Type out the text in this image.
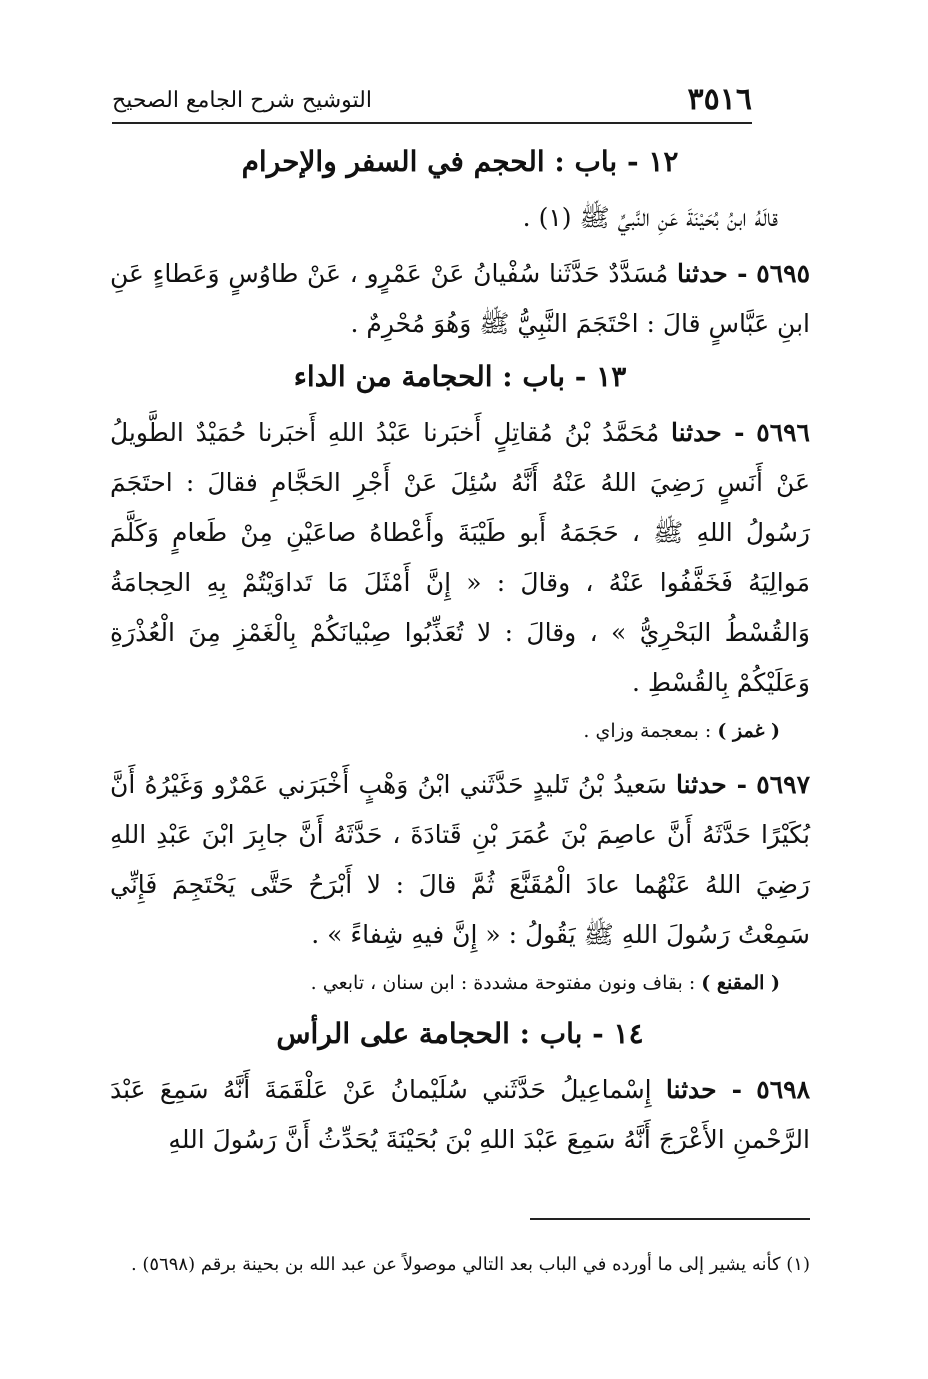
٣٥١٦
التوشيح شرح الجامع الصحيح
١٢ - باب : الحجم في السفر والإحرام

قالَهُ ابنُ بُحَيْنَةَ عَنِ النَّبيِّ ﷺ (١) .

٥٦٩٥ - حدثنا مُسَدَّدٌ حَدَّثَنا سُفْيانُ عَنْ عَمْرٍو ، عَنْ طاوُسٍ وَعَطاءٍ عَنِ ابنِ عَبَّاسٍ قالَ : احْتَجَمَ النَّبِيُّ ﷺ وَهُوَ مُحْرِمٌ .

١٣ - باب : الحجامة من الداء

٥٦٩٦ - حدثنا مُحَمَّدُ بْنُ مُقاتِلٍ أَخبَرنا عَبْدُ اللهِ أَخبَرنا حُمَيْدٌ الطَّويلُ عَنْ أَنَسٍ رَضِيَ اللهُ عَنْهُ أَنَّهُ سُئِلَ عَنْ أَجْرِ الحَجَّامِ فقالَ : احتَجَمَ رَسُولُ اللهِ ﷺ ، حَجَمَهُ أَبو طَيْبَةَ وأَعْطاهُ صاعَيْنِ مِنْ طَعامٍ وَكَلَّمَ مَوالِيَهُ فَخَفَّفُوا عَنْهُ ، وقالَ : « إِنَّ أَمْثَلَ مَا تَداوَيْتُمْ بِهِ الحِجامَةُ وَالقُسْطُ البَحْرِيُّ » ، وقالَ : لا تُعَذِّبُوا صِبْيانَكُمْ بِالْغَمْزِ مِنَ الْعُذْرَةِ وَعَلَيْكُمْ بِالقُسْطِ .

( غمز ) : بمعجمة وزاي .

٥٦٩٧ - حدثنا سَعيدُ بْنُ تَليدٍ حَدَّثَني ابْنُ وَهْبٍ أَخْبَرَني عَمْرٌو وَغَيْرُهُ أَنَّ بُكَيْرًا حَدَّثَهُ أَنَّ عاصِمَ بْنَ عُمَرَ بْنِ قَتادَةَ ، حَدَّثَهُ أَنَّ جابِرَ ابْنَ عَبْدِ اللهِ رَضِيَ اللهُ عَنْهُما عادَ الْمُقَنَّعَ ثُمَّ قالَ : لا أَبْرَحُ حَتَّى يَحْتَجِمَ فَإِنِّي سَمِعْتُ رَسُولَ اللهِ ﷺ يَقُولُ : « إِنَّ فيهِ شِفاءً » .

( المقنع ) : بقاف ونون مفتوحة مشددة : ابن سنان ، تابعي .

١٤ - باب : الحجامة على الرأس

٥٦٩٨ - حدثنا إِسْماعِيلُ حَدَّثَني سُلَيْمانُ عَنْ عَلْقَمَةَ أَنَّهُ سَمِعَ عَبْدَ الرَّحْمنِ الأَعْرَجَ أَنَّهُ سَمِعَ عَبْدَ اللهِ بْنَ بُحَيْنَةَ يُحَدِّثُ أَنَّ رَسُولَ اللهِ

(١) كأنه يشير إلى ما أورده في الباب بعد التالي موصولاً عن عبد الله بن بحينة برقم (٥٦٩٨) .
